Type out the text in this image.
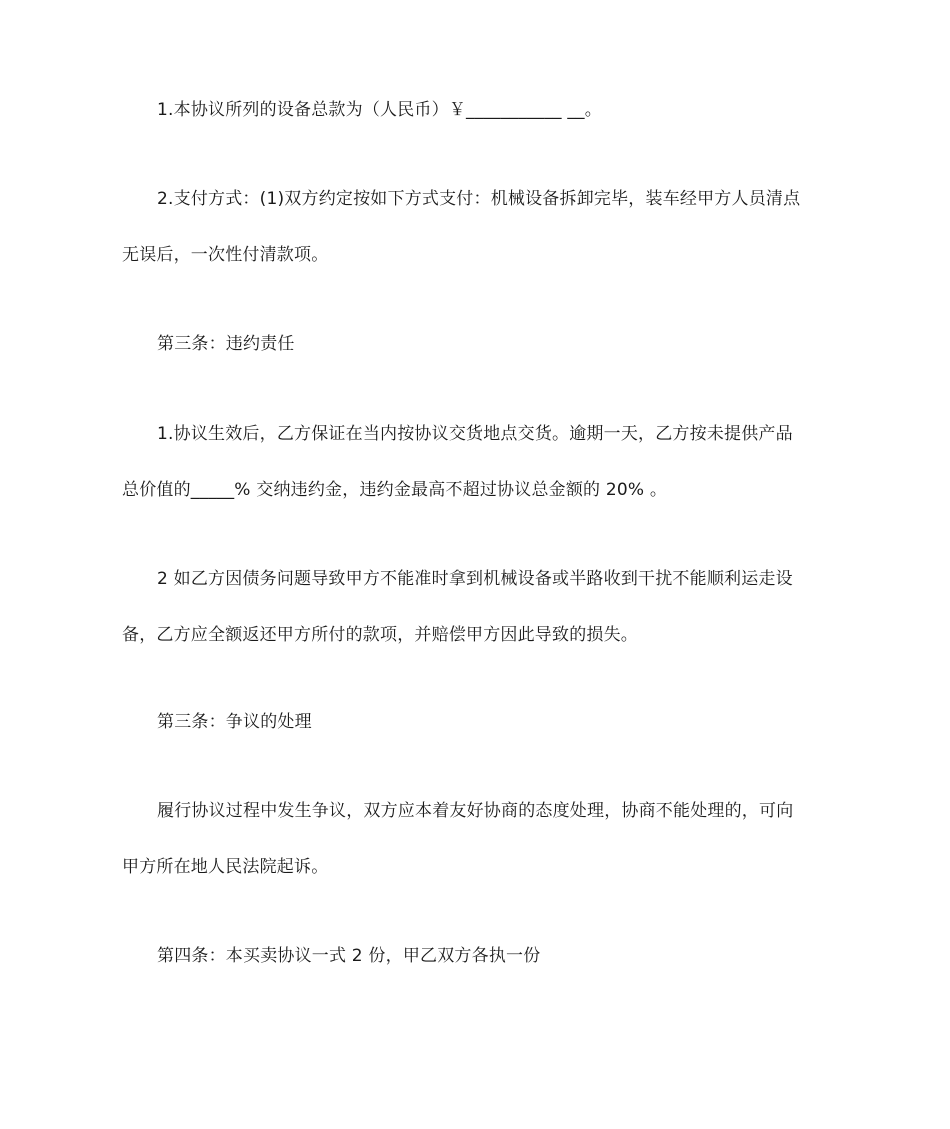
1.本协议所列的设备总款为（人民币）￥___________ __。
2.支付方式：(1)双方约定按如下方式支付：机械设备拆卸完毕，装车经甲方人员清点
无误后，一次性付清款项。
第三条：违约责任
1.协议生效后，乙方保证在当内按协议交货地点交货。逾期一天，乙方按未提供产品
总价值的_____% 交纳违约金，违约金最高不超过协议总金额的 20% 。
2 如乙方因债务问题导致甲方不能准时拿到机械设备或半路收到干扰不能顺利运走设
备，乙方应全额返还甲方所付的款项，并赔偿甲方因此导致的损失。
第三条：争议的处理
履行协议过程中发生争议，双方应本着友好协商的态度处理，协商不能处理的，可向
甲方所在地人民法院起诉。
第四条：本买卖协议一式 2 份，甲乙双方各执一份
